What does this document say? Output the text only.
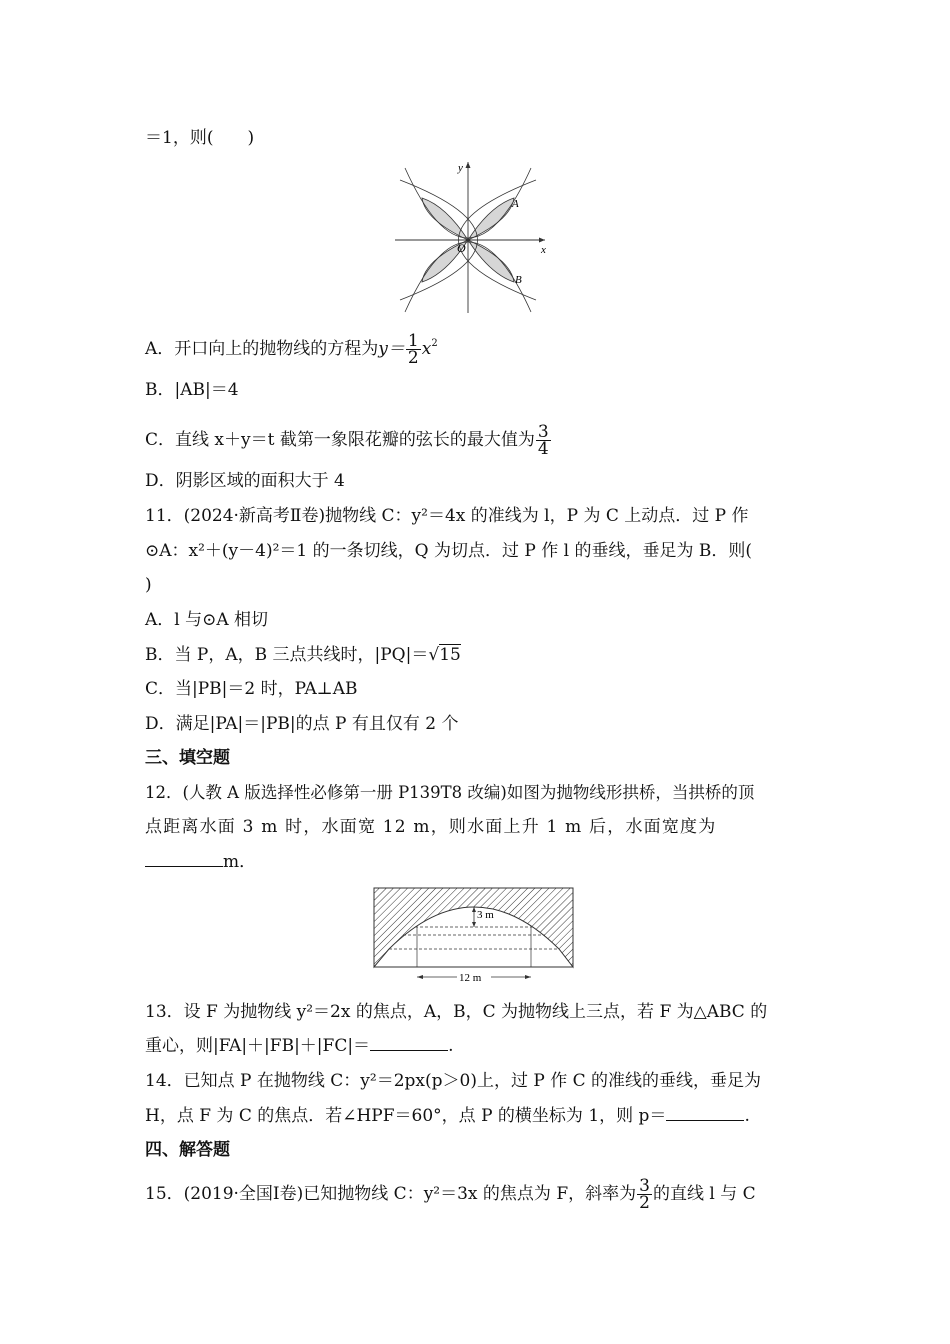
＝1，则(　　)
y
x
O
A
B
A．开口向上的抛物线的方程为$y= \frac{1}{2} x^2$
B．|AB|＝4
C．直线 x＋y＝t 截第一象限花瓣的弦长的最大值为 $\frac{3}{4}$
D．阴影区域的面积大于 4
11．(2024·新高考Ⅱ卷)抛物线 C：y²＝4x 的准线为 l，P 为 C 上动点．过 P 作
⊙A：x²＋(y－4)²＝1 的一条切线，Q 为切点．过 P 作 l 的垂线，垂足为 B．则(
)
A．l 与⊙A 相切
B．当 P，A，B 三点共线时，|PQ|＝√15
C．当|PB|＝2 时，PA⊥AB
D．满足|PA|＝|PB|的点 P 有且仅有 2 个
三、填空题
12．(人教 A 版选择性必修第一册 P139T8 改编)如图为抛物线形拱桥，当拱桥的顶
点距离水面 3 m 时，水面宽 12 m，则水面上升 1 m 后，水面宽度为
m．
3 m
12 m
13．设 F 为抛物线 y²＝2x 的焦点，A，B，C 为抛物线上三点，若 F 为△ABC 的
重心，则|FA|＋|FB|＋|FC|＝	.
14．已知点 P 在抛物线 C：y²＝2px(p＞0)上，过 P 作 C 的准线的垂线，垂足为
H，点 F 为 C 的焦点．若∠HPF＝60°，点 P 的横坐标为 1，则 p＝	.
四、解答题
15．(2019·全国Ⅰ卷)已知抛物线 C：y²＝3x 的焦点为 F，斜率为 $\frac{3}{2}$ 的直线 l 与 C
